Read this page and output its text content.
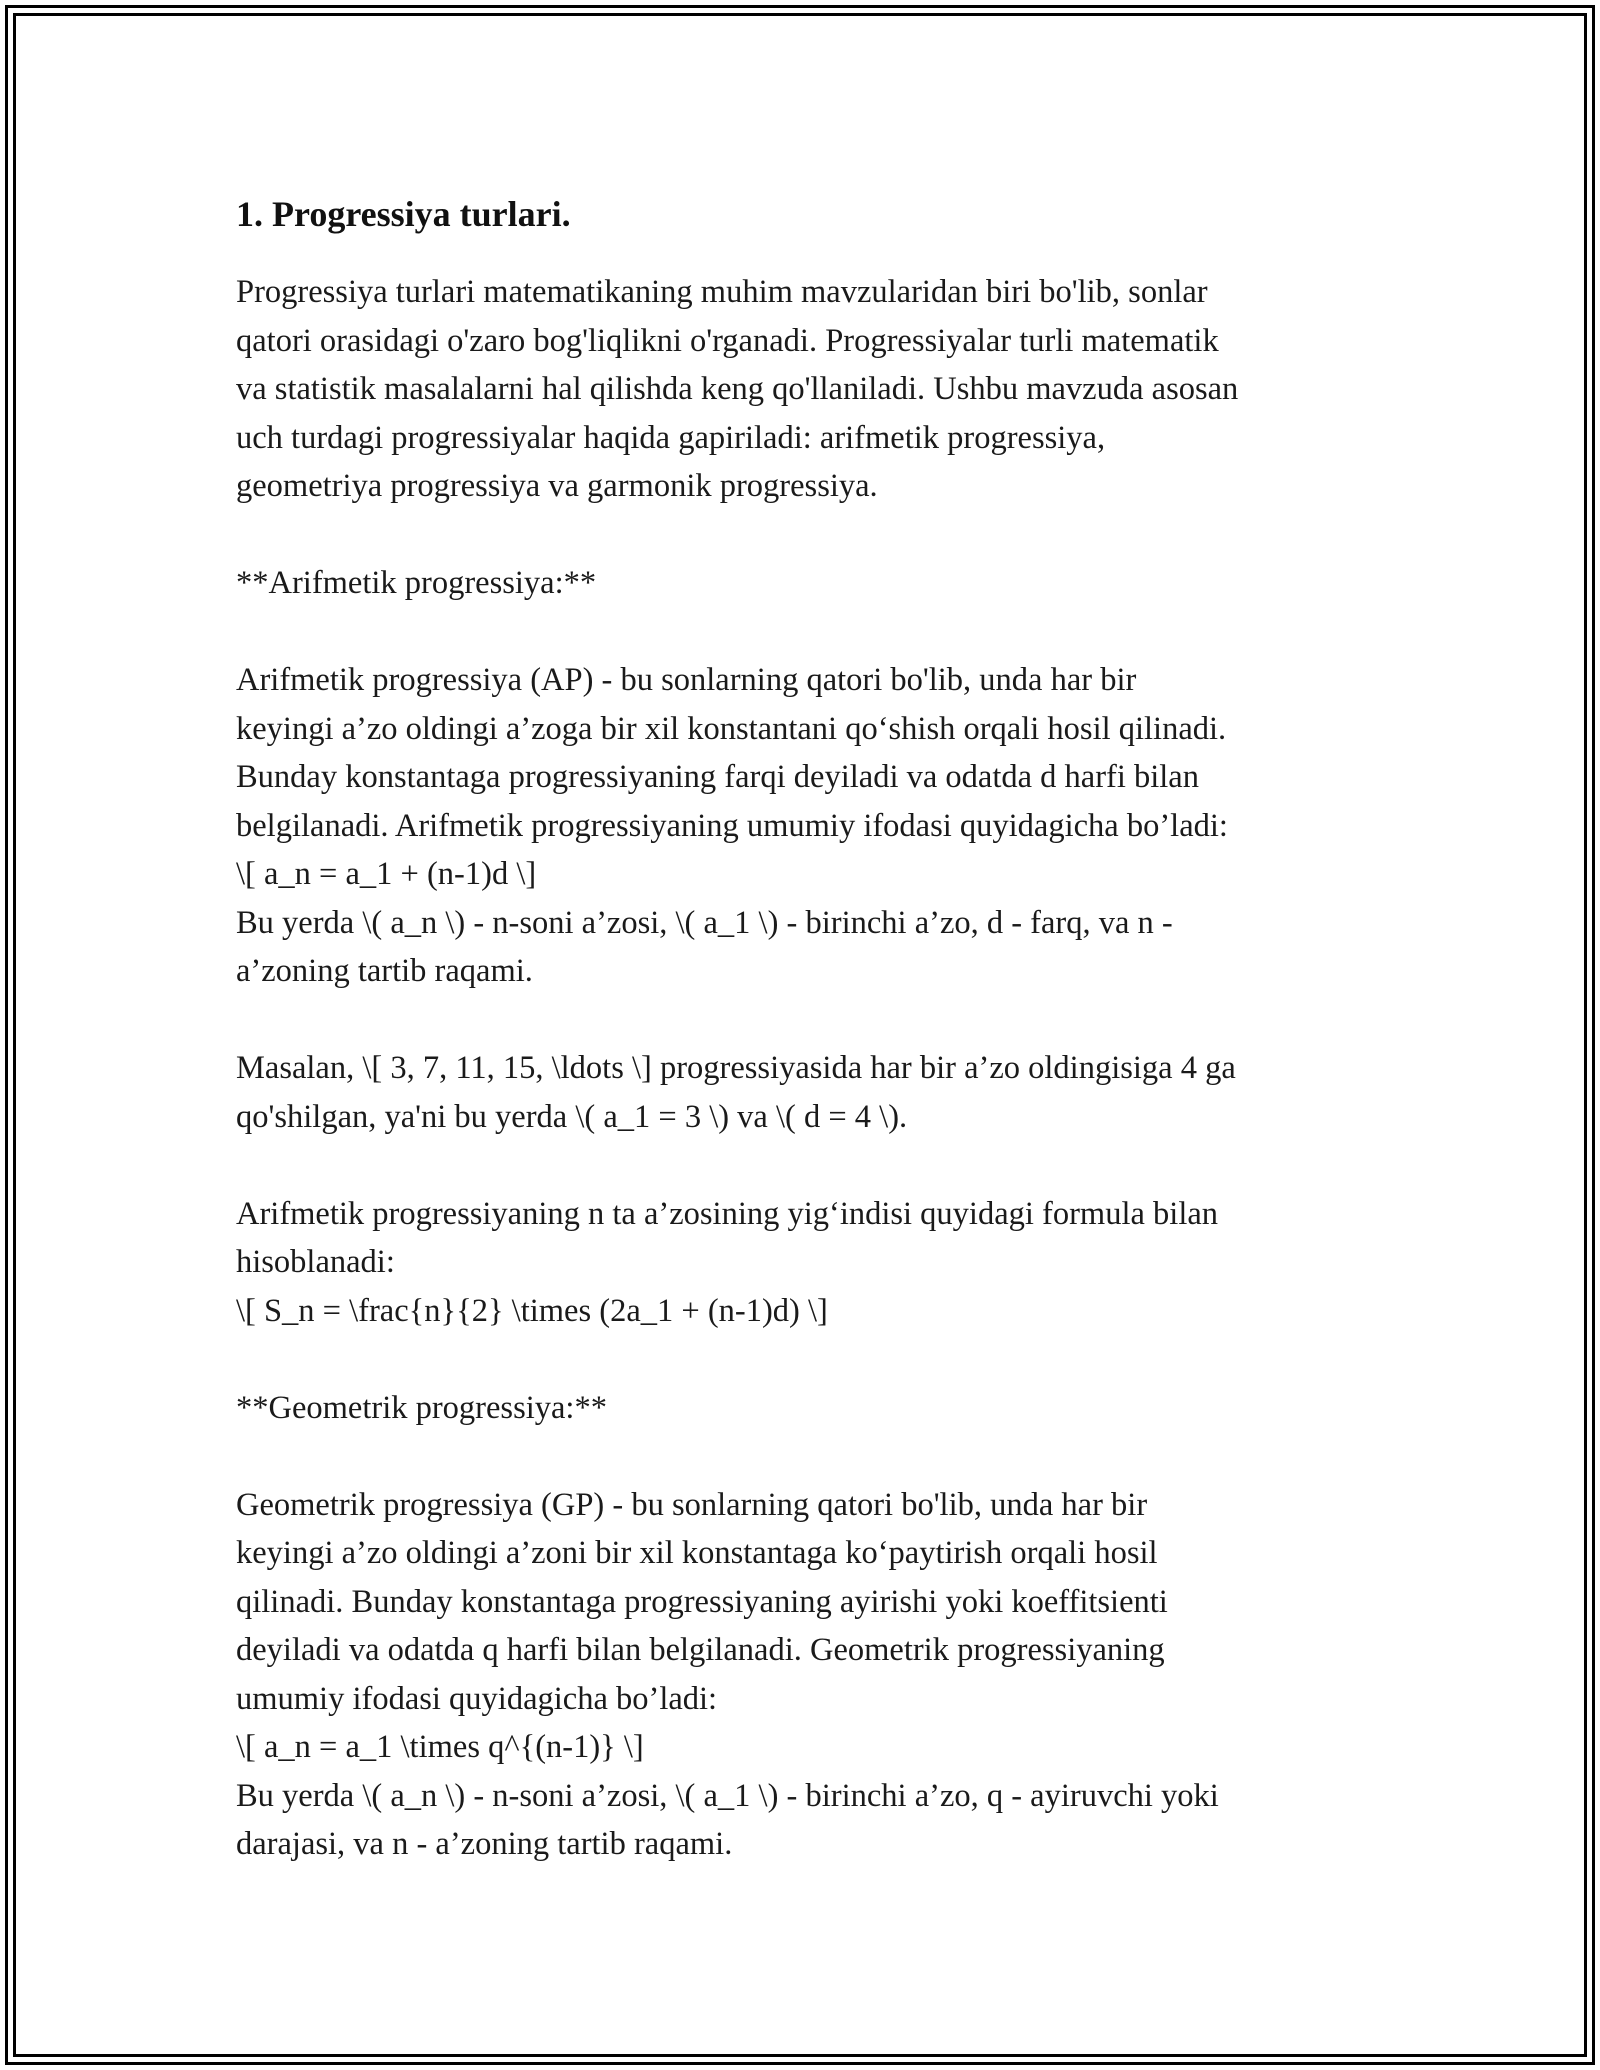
1. Progressiya turlari.

Progressiya turlari matematikaning muhim mavzularidan biri bo'lib, sonlar
qatori orasidagi o'zaro bog'liqlikni o'rganadi. Progressiyalar turli matematik
va statistik masalalarni hal qilishda keng qo'llaniladi. Ushbu mavzuda asosan
uch turdagi progressiyalar haqida gapiriladi: arifmetik progressiya,
geometriya progressiya va garmonik progressiya.

**Arifmetik progressiya:**

Arifmetik progressiya (AP) - bu sonlarning qatori bo'lib, unda har bir
keyingi a’zo oldingi a’zoga bir xil konstantani qo‘shish orqali hosil qilinadi.
Bunday konstantaga progressiyaning farqi deyiladi va odatda d harfi bilan
belgilanadi. Arifmetik progressiyaning umumiy ifodasi quyidagicha bo’ladi:
\[ a_n = a_1 + (n-1)d \]
Bu yerda \( a_n \) - n-soni a’zosi, \( a_1 \) - birinchi a’zo, d - farq, va n -
a’zoning tartib raqami.

Masalan, \[ 3, 7, 11, 15, \ldots \] progressiyasida har bir a’zo oldingisiga 4 ga
qo'shilgan, ya'ni bu yerda \( a_1 = 3 \) va \( d = 4 \).

Arifmetik progressiyaning n ta a’zosining yig‘indisi quyidagi formula bilan
hisoblanadi:
\[ S_n = \frac{n}{2} \times (2a_1 + (n-1)d) \]

**Geometrik progressiya:**

Geometrik progressiya (GP) - bu sonlarning qatori bo'lib, unda har bir
keyingi a’zo oldingi a’zoni bir xil konstantaga ko‘paytirish orqali hosil
qilinadi. Bunday konstantaga progressiyaning ayirishi yoki koeffitsienti
deyiladi va odatda q harfi bilan belgilanadi. Geometrik progressiyaning
umumiy ifodasi quyidagicha bo’ladi:
\[ a_n = a_1 \times q^{(n-1)} \]
Bu yerda \( a_n \) - n-soni a’zosi, \( a_1 \) - birinchi a’zo, q - ayiruvchi yoki
darajasi, va n - a’zoning tartib raqami.
